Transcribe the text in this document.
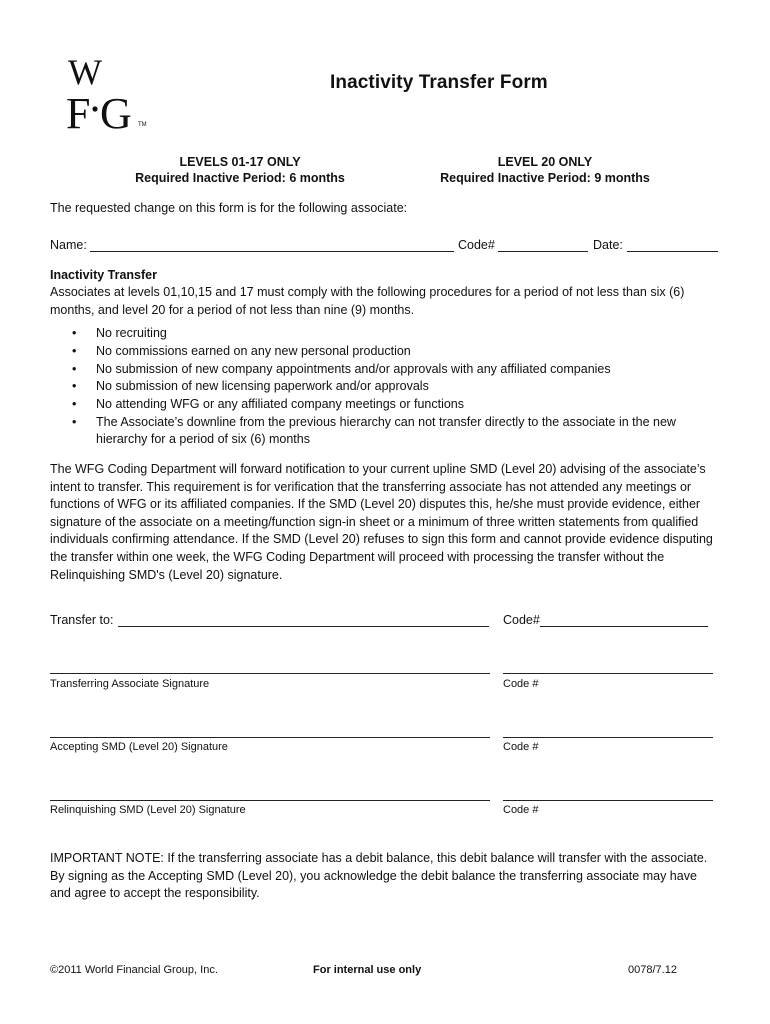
W
F G TM
Inactivity Transfer Form
LEVELS 01-17 ONLY
Required Inactive Period: 6 months
LEVEL 20 ONLY
Required Inactive Period: 9 months
The requested change on this form is for the following associate:
Name:	Code#	Date:
Inactivity Transfer
Associates at levels 01,10,15 and 17 must comply with the following procedures for a period of not less than six (6)
months, and level 20 for a period of not less than nine (9) months.
• No recruiting
• No commissions earned on any new personal production
• No submission of new company appointments and/or approvals with any affiliated companies
• No submission of new licensing paperwork and/or approvals
• No attending WFG or any affiliated company meetings or functions
• The Associate’s downline from the previous hierarchy can not transfer directly to the associate in the new
hierarchy for a period of six (6) months
The WFG Coding Department will forward notification to your current upline SMD (Level 20) advising of the associate’s
intent to transfer. This requirement is for verification that the transferring associate has not attended any meetings or
functions of WFG or its affiliated companies. If the SMD (Level 20) disputes this, he/she must provide evidence, either
signature of the associate on a meeting/function sign-in sheet or a minimum of three written statements from qualified
individuals confirming attendance. If the SMD (Level 20) refuses to sign this form and cannot provide evidence disputing
the transfer within one week, the WFG Coding Department will proceed with processing the transfer without the
Relinquishing SMD's (Level 20) signature.
Transfer to:	Code#
Transferring Associate Signature	Code #
Accepting SMD (Level 20) Signature	Code #
Relinquishing SMD (Level 20) Signature	Code #
IMPORTANT NOTE: If the transferring associate has a debit balance, this debit balance will transfer with the associate.
By signing as the Accepting SMD (Level 20), you acknowledge the debit balance the transferring associate may have
and agree to accept the responsibility.
©2011 World Financial Group, Inc.	For internal use only	0078/7.12
